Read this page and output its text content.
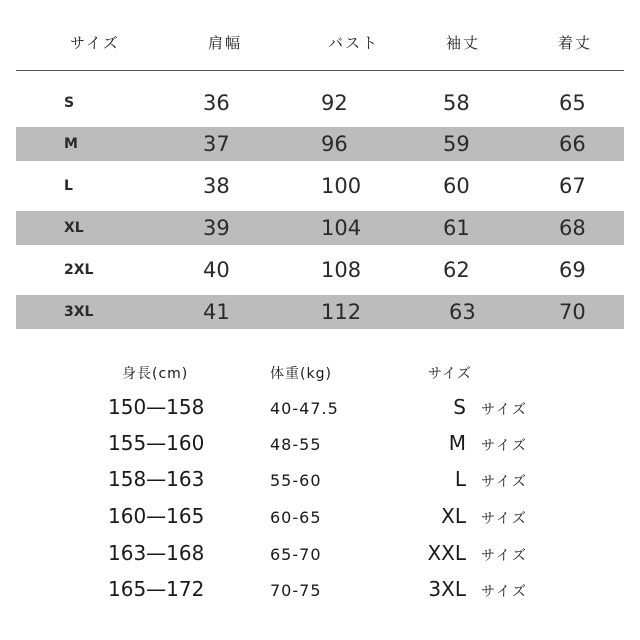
サイズ	肩幅	バスト	袖丈	着丈
S	36	92	58	65
M	37	96	59	66
L	38	100	60	67
XL	39	104	61	68
2XL	40	108	62	69
3XL	41	112	63	70
身長(cm)	体重(kg)	サイズ
150—158	40-47.5	S サイズ
155—160	48-55	M サイズ
158—163	55-60	L サイズ
160—165	60-65	XL サイズ
163—168	65-70	XXL サイズ
165—172	70-75	3XL サイズ
